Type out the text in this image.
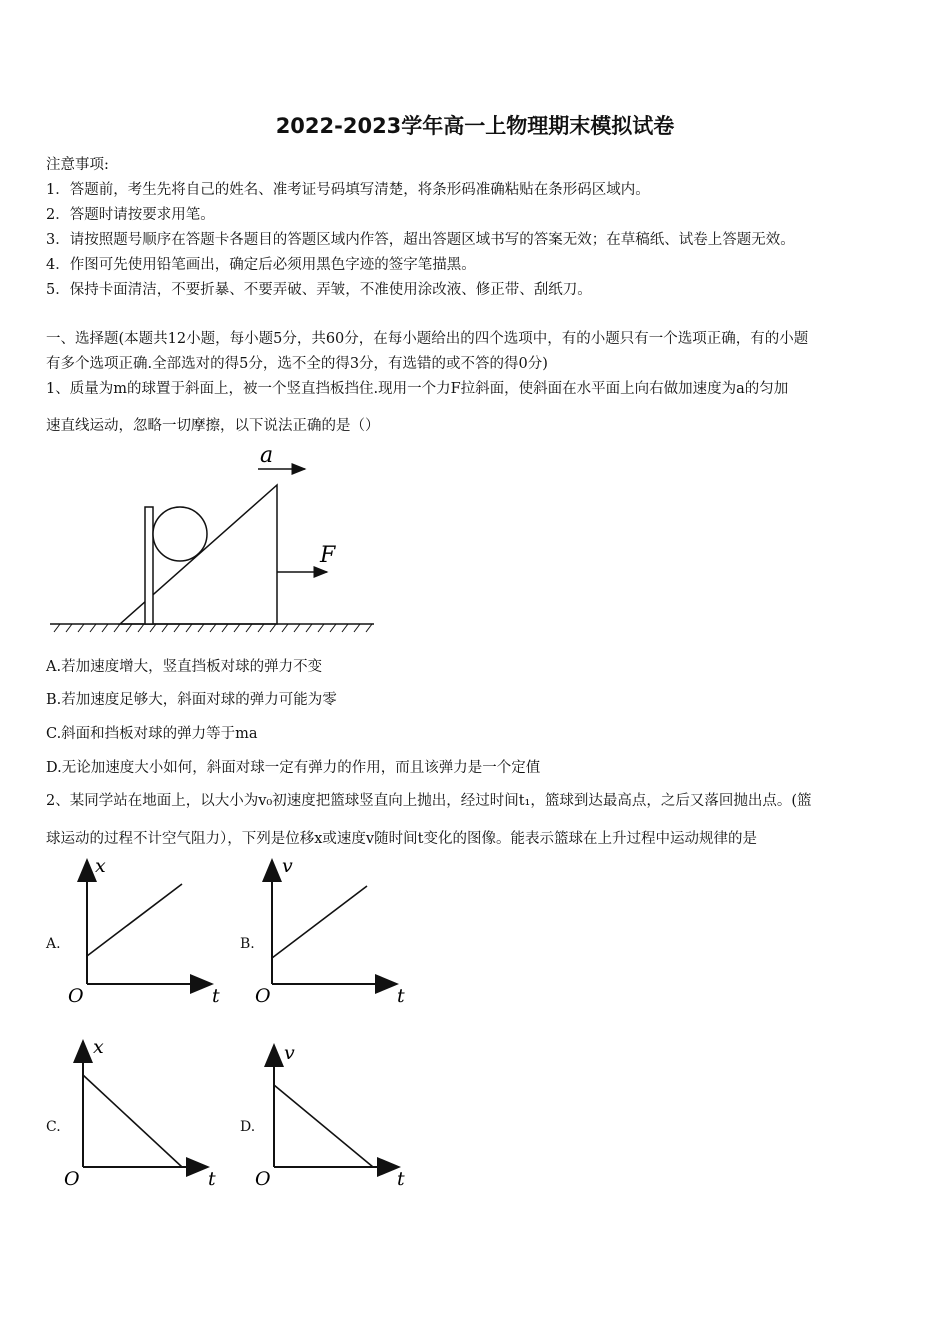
2022-2023学年高一上物理期末模拟试卷
注意事项:
1．答题前，考生先将自己的姓名、准考证号码填写清楚，将条形码准确粘贴在条形码区域内。
2．答题时请按要求用笔。
3．请按照题号顺序在答题卡各题目的答题区域内作答，超出答题区域书写的答案无效；在草稿纸、试卷上答题无效。
4．作图可先使用铅笔画出，确定后必须用黑色字迹的签字笔描黑。
5．保持卡面清洁，不要折暴、不要弄破、弄皱，不准使用涂改液、修正带、刮纸刀。
一、选择题(本题共12小题，每小题5分，共60分，在每小题给出的四个选项中，有的小题只有一个选项正确，有的小题
有多个选项正确.全部选对的得5分，选不全的得3分，有选错的或不答的得0分)
1、质量为m的球置于斜面上，被一个竖直挡板挡住.现用一个力F拉斜面，使斜面在水平面上向右做加速度为a的匀加
速直线运动，忽略一切摩擦，以下说法正确的是（）
a
F
A.若加速度增大，竖直挡板对球的弹力不变
B.若加速度足够大，斜面对球的弹力可能为零
C.斜面和挡板对球的弹力等于ma
D.无论加速度大小如何，斜面对球一定有弹力的作用，而且该弹力是一个定值
2、某同学站在地面上，以大小为v₀初速度把篮球竖直向上抛出，经过时间t₁，篮球到达最高点，之后又落回抛出点。(篮
球运动的过程不计空气阻力），下列是位移x或速度v随时间t变化的图像。能表示篮球在上升过程中运动规律的是
A.
x
t
O
B.
v
t
O
C.
x
t
O
D.
v
t
O
